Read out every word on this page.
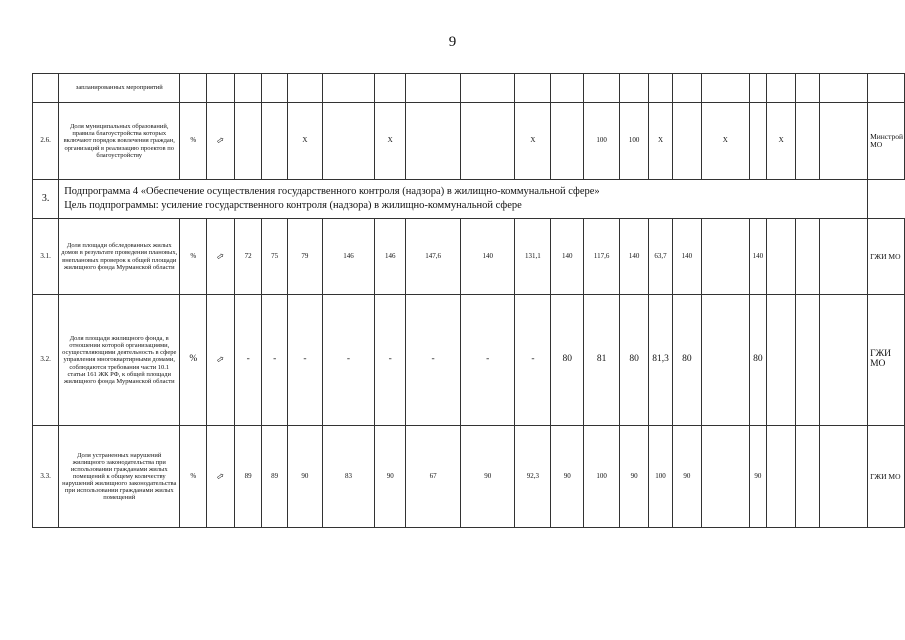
9
	запланированных мероприятий																					
2.6.	Доля муниципальных образований, правила благоустройства которых включают порядок вовлечения граждан, организаций в реализацию проектов по благоустройству	%	⇨			X		X			X		100	100	X		X		X			Минстрой МО
3.	Подпрограмма 4 «Обеспечение осуществления государственного контроля (надзора) в жилищно-коммунальной сфере»
Цель подпрограммы: усиление государственного контроля (надзора) в жилищно-коммунальной сфере																					

3.1.	Доля площади обследованных жилых домов в результате проведения плановых, внеплановых проверок к общей площади жилищного фонда Мурманской области	%	⇨	72	75	79	146	146	147,6	140	131,1	140	117,6	140	63,7	140		140				ГЖИ МО
3.2.	Доля площади жилищного фонда, в отношении которой организациями, осуществляющими деятельность в сфере управления многоквартирными домами, соблюдаются требования части 10.1 статьи 161 ЖК РФ, к общей площади жилищного фонда Мурманской области	%	⇨	-	-	-	-	-	-	-	-	80	81	80	81,3	80		80				ГЖИ МО
3.3.	Доля устраненных нарушений жилищного законодательства при использовании гражданами жилых помещений к общему количеству нарушений жилищного законодательства при использовании гражданами жилых помещений	%	⇨	89	89	90	83	90	67	90	92,3	90	100	90	100	90		90				ГЖИ МО
